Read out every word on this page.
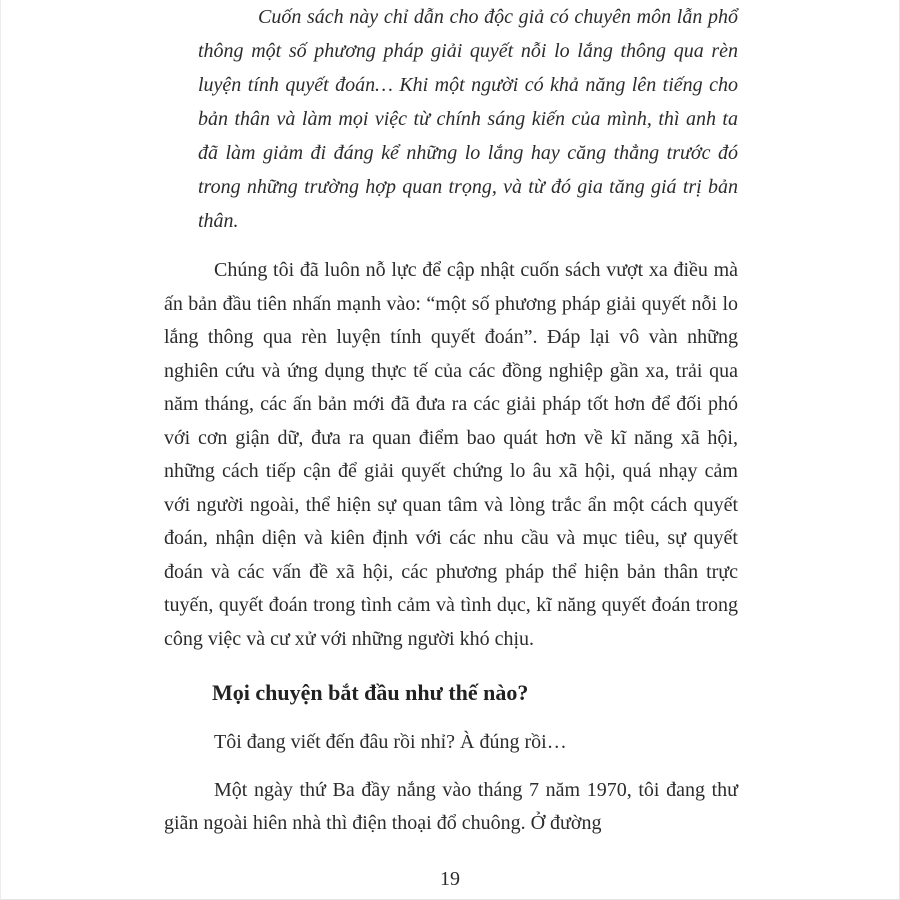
Cuốn sách này chỉ dẫn cho độc giả có chuyên môn lẫn phổ thông một số phương pháp giải quyết nỗi lo lắng thông qua rèn luyện tính quyết đoán… Khi một người có khả năng lên tiếng cho bản thân và làm mọi việc từ chính sáng kiến của mình, thì anh ta đã làm giảm đi đáng kể những lo lắng hay căng thẳng trước đó trong những trường hợp quan trọng, và từ đó gia tăng giá trị bản thân.

Chúng tôi đã luôn nỗ lực để cập nhật cuốn sách vượt xa điều mà ấn bản đầu tiên nhấn mạnh vào: “một số phương pháp giải quyết nỗi lo lắng thông qua rèn luyện tính quyết đoán”. Đáp lại vô vàn những nghiên cứu và ứng dụng thực tế của các đồng nghiệp gần xa, trải qua năm tháng, các ấn bản mới đã đưa ra các giải pháp tốt hơn để đối phó với cơn giận dữ, đưa ra quan điểm bao quát hơn về kĩ năng xã hội, những cách tiếp cận để giải quyết chứng lo âu xã hội, quá nhạy cảm với người ngoài, thể hiện sự quan tâm và lòng trắc ẩn một cách quyết đoán, nhận diện và kiên định với các nhu cầu và mục tiêu, sự quyết đoán và các vấn đề xã hội, các phương pháp thể hiện bản thân trực tuyến, quyết đoán trong tình cảm và tình dục, kĩ năng quyết đoán trong công việc và cư xử với những người khó chịu.

Mọi chuyện bắt đầu như thế nào?

Tôi đang viết đến đâu rồi nhỉ? À đúng rồi…

Một ngày thứ Ba đầy nắng vào tháng 7 năm 1970, tôi đang thư giãn ngoài hiên nhà thì điện thoại đổ chuông. Ở đường

19
